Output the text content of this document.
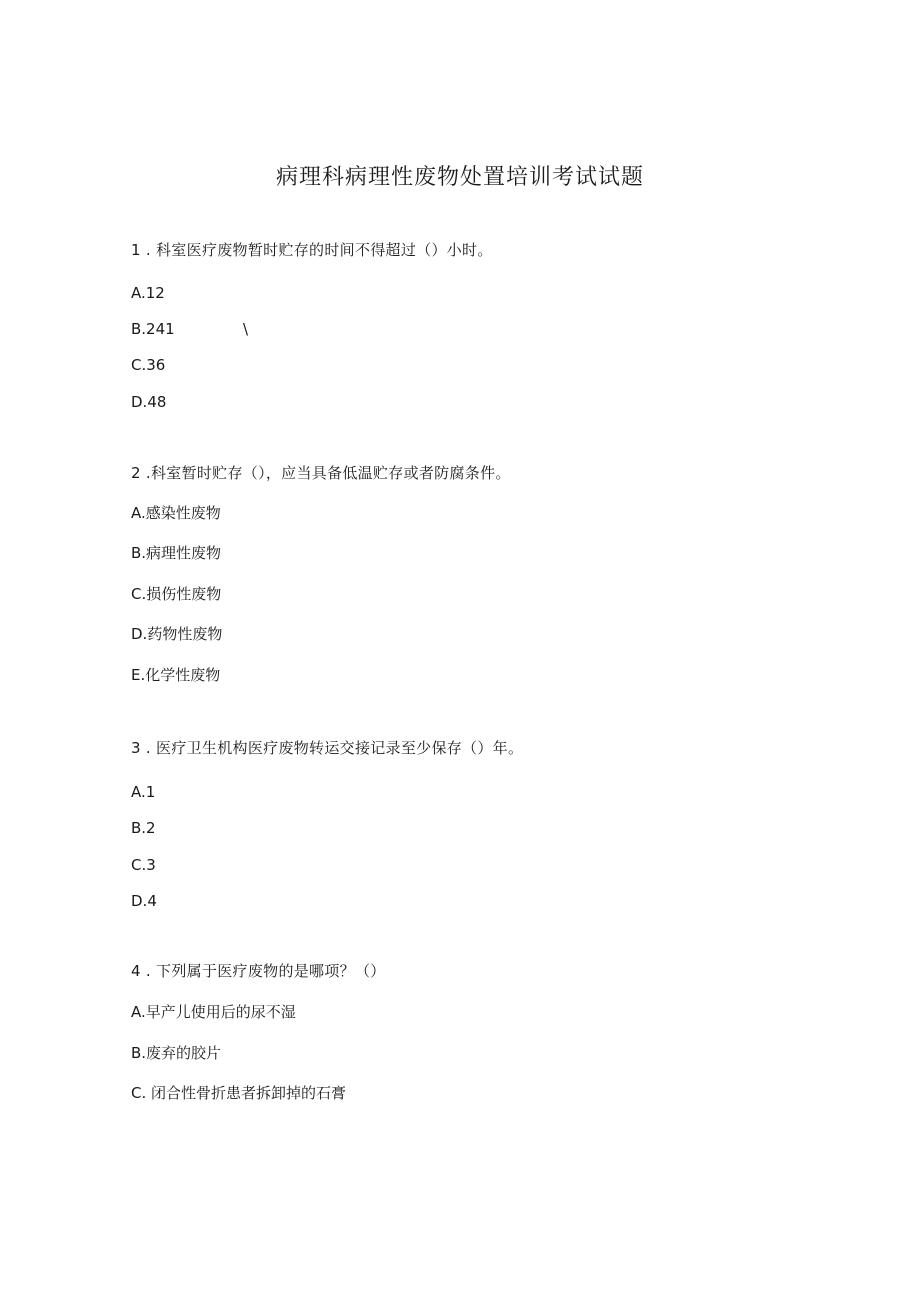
病理科病理性废物处置培训考试试题
1 . 科室医疗废物暂时贮存的时间不得超过（）小时。
A.12
B.241	\
C.36
D.48
2 .科室暂时贮存（），应当具备低温贮存或者防腐条件。
A.感染性废物
B.病理性废物
C.损伤性废物
D.药物性废物
E.化学性废物
3 . 医疗卫生机构医疗废物转运交接记录至少保存（）年。
A.1
B.2
C.3
D.4
4 . 下列属于医疗废物的是哪项？（）
A.早产儿使用后的尿不湿
B.废弃的胶片
C. 闭合性骨折患者拆卸掉的石膏
